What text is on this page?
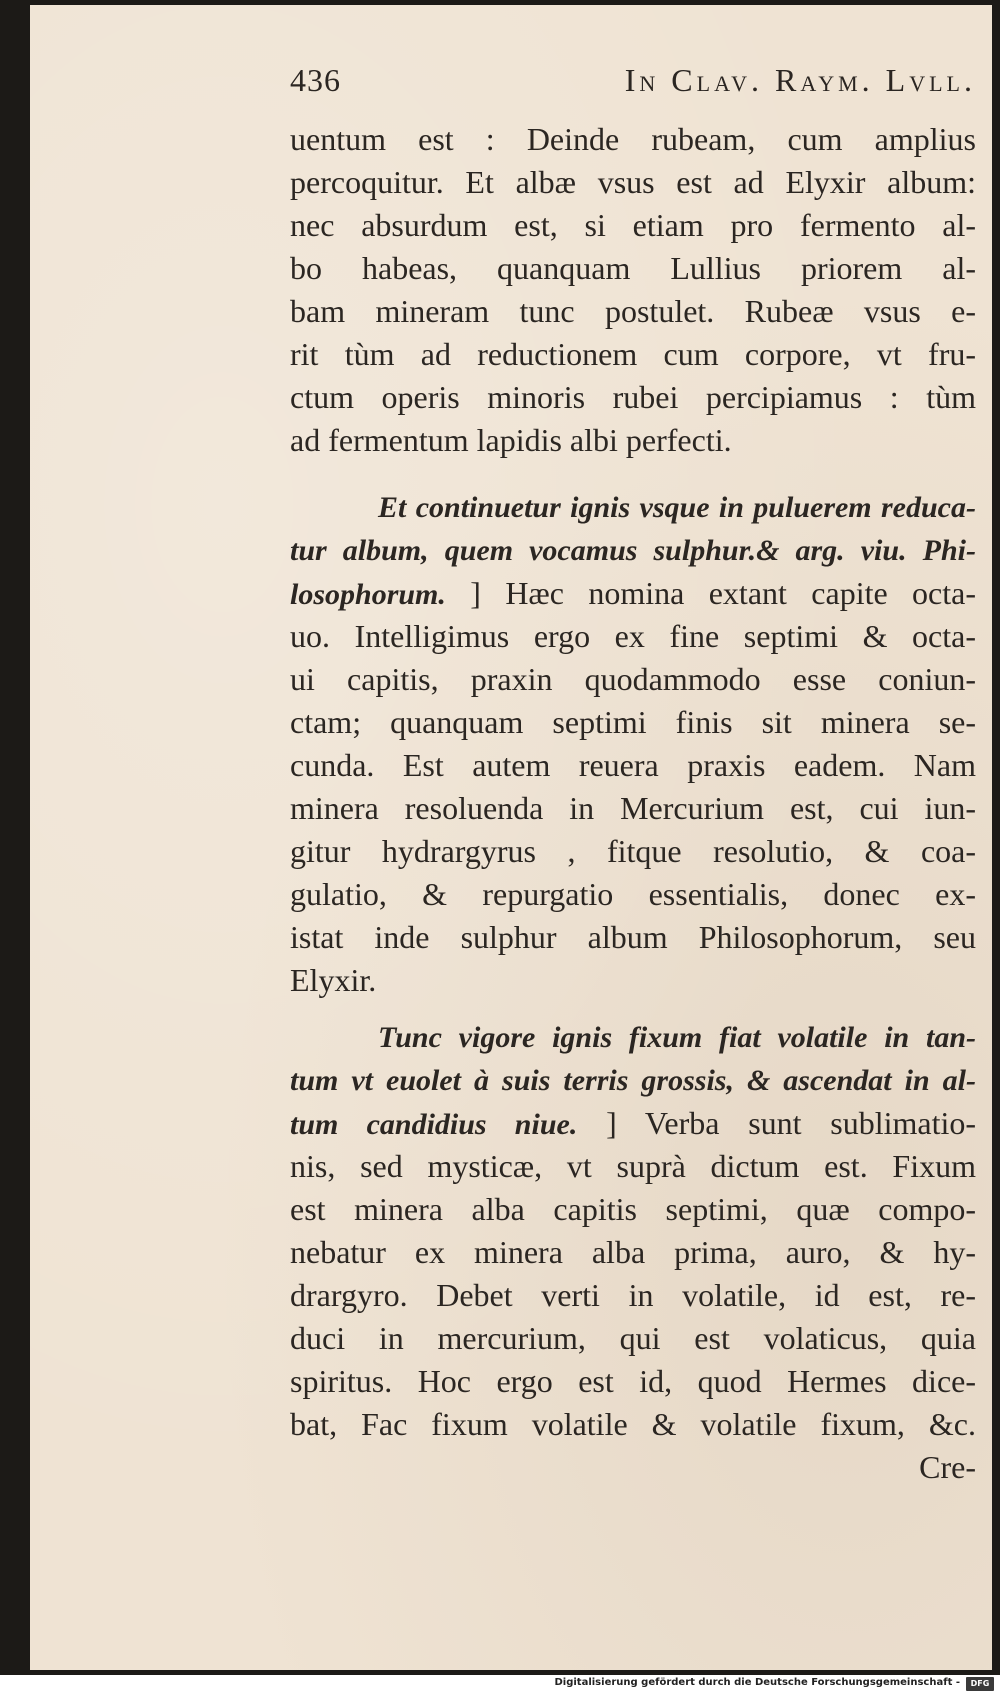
436	In Clav. Raym. Lvll.
uentum est : Deinde rubeam, cum amplius
percoquitur. Et albæ vsus est ad Elyxir album:
nec absurdum est, si etiam pro fermento al-
bo habeas, quanquam Lullius priorem al-
bam mineram tunc postulet. Rubeæ vsus e-
rit tùm ad reductionem cum corpore, vt fru-
ctum operis minoris rubei percipiamus : tùm
ad fermentum lapidis albi perfecti.
Et continuetur ignis vsque in puluerem reduca-
tur album, quem vocamus sulphur.& arg. viu. Phi-
losophorum. ] Hæc nomina extant capite octa-
uo. Intelligimus ergo ex fine septimi & octa-
ui capitis, praxin quodammodo esse coniun-
ctam; quanquam septimi finis sit minera se-
cunda. Est autem reuera praxis eadem. Nam
minera resoluenda in Mercurium est, cui iun-
gitur hydrargyrus , fitque resolutio, & coa-
gulatio, & repurgatio essentialis, donec ex-
istat inde sulphur album Philosophorum, seu
Elyxir.
Tunc vigore ignis fixum fiat volatile in tan-
tum vt euolet à suis terris grossis, & ascendat in al-
tum candidius niue. ] Verba sunt sublimatio-
nis, sed mysticæ, vt suprà dictum est. Fixum
est minera alba capitis septimi, quæ compo-
nebatur ex minera alba prima, auro, & hy-
drargyro. Debet verti in volatile, id est, re-
duci in mercurium, qui est volaticus, quia
spiritus. Hoc ergo est id, quod Hermes dice-
bat, Fac fixum volatile & volatile fixum, &c.
Cre-
Digitalisierung gefördert durch die Deutsche Forschungsgemeinschaft -	DFG
